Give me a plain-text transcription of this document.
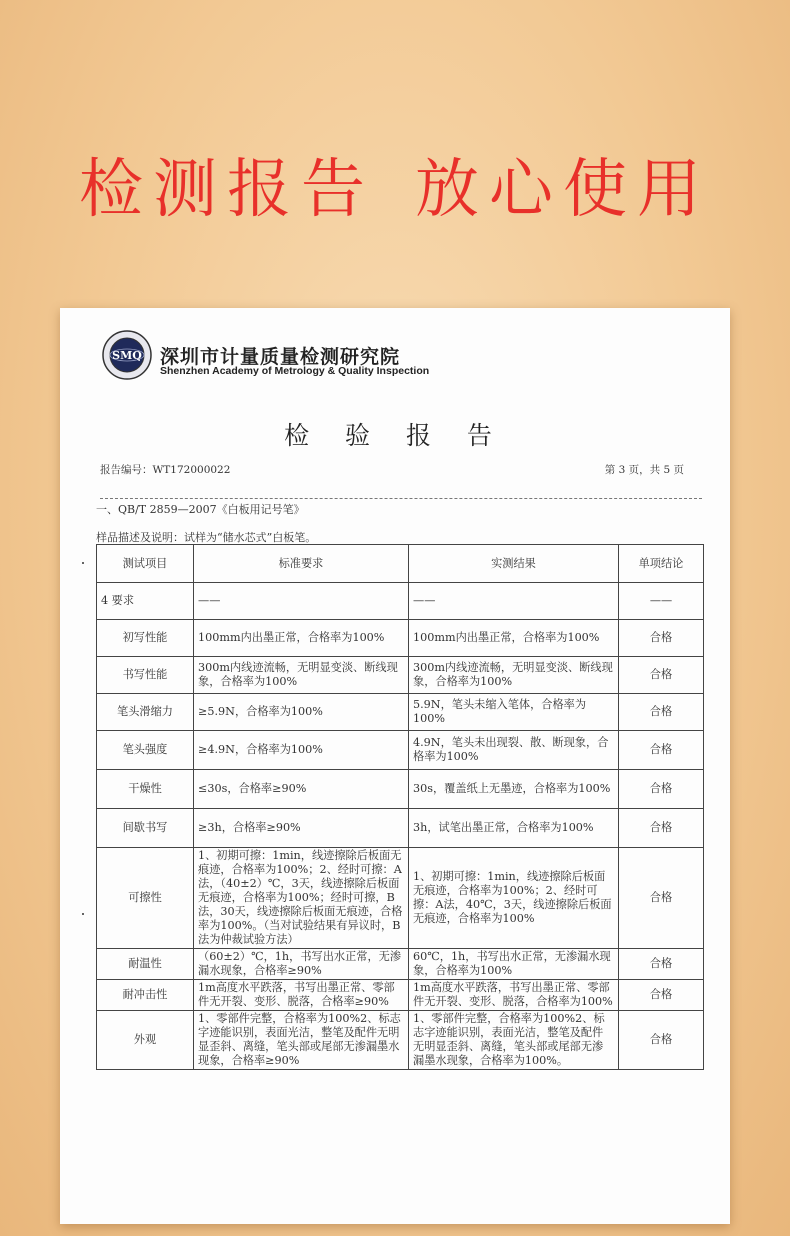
检测报告 放心使用
SMQ 深圳市计量质量检测研究院
Shenzhen Academy of Metrology & Quality Inspection
检 验 报 告
报告编号：WT172000022	第 3 页，共 5 页
一、QB/T 2859—2007《白板用记号笔》
样品描述及说明：试样为“储水芯式”白板笔。
测试项目	标准要求	实测结果	单项结论
4 要求	——	——	——
初写性能	100mm内出墨正常，合格率为100%	100mm内出墨正常，合格率为100%	合格
书写性能	300m内线迹流畅，无明显变淡、断线现象，合格率为100%	300m内线迹流畅，无明显变淡、断线现象，合格率为100%	合格
笔头滑缩力	≥5.9N，合格率为100%	5.9N，笔头未缩入笔体，合格率为100%	合格
笔头强度	≥4.9N，合格率为100%	4.9N，笔头未出现裂、散、断现象，合格率为100%	合格
干燥性	≤30s，合格率≥90%	30s，覆盖纸上无墨迹，合格率为100%	合格
间歇书写	≥3h，合格率≥90%	3h，试笔出墨正常，合格率为100%	合格
可擦性	1、初期可擦：1min，线迹擦除后板面无痕迹，合格率为100%；2、经时可擦：A法，（40±2）℃，3天，线迹擦除后板面无痕迹，合格率为100%；经时可擦，B法，30天，线迹擦除后板面无痕迹，合格率为100%。（当对试验结果有异议时，B法为仲裁试验方法）	1、初期可擦：1min，线迹擦除后板面无痕迹，合格率为100%；2、经时可擦：A法，40℃，3天，线迹擦除后板面无痕迹，合格率为100%	合格
耐温性	（60±2）℃，1h，书写出水正常，无渗漏水现象，合格率≥90%	60℃，1h，书写出水正常，无渗漏水现象，合格率为100%	合格
耐冲击性	1m高度水平跌落，书写出墨正常、零部件无开裂、变形、脱落，合格率≥90%	1m高度水平跌落，书写出墨正常、零部件无开裂、变形、脱落，合格率为100%	合格
外观	1、零部件完整，合格率为100%2、标志字迹能识别，表面光洁，整笔及配件无明显歪斜、离缝，笔头部或尾部无渗漏墨水现象，合格率≥90%	1、零部件完整，合格率为100%2、标志字迹能识别，表面光洁，整笔及配件无明显歪斜、离缝，笔头部或尾部无渗漏墨水现象，合格率为100%。	合格
